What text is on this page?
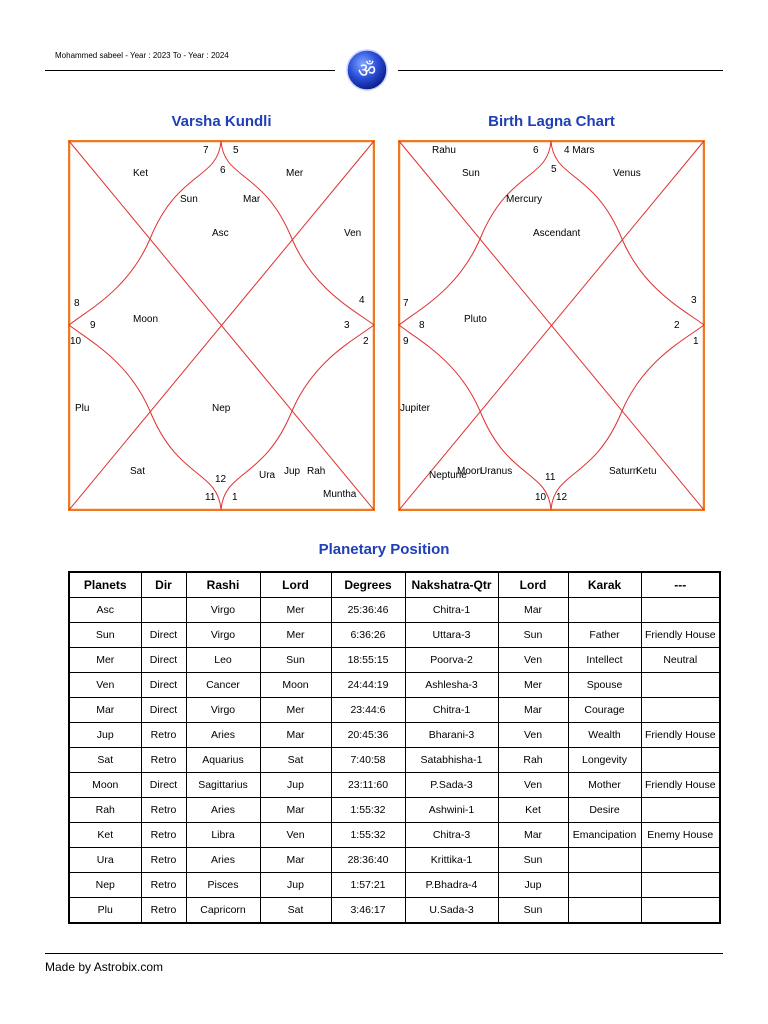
Mohammed sabeel - Year : 2023 To - Year : 2024
ॐ
Varsha Kundli	Birth Lagna Chart
7 5
6
Ket	Mer
Sun	Mar
Asc	Ven
8
9
Moon
10
4
3
2
Plu	Nep
Sat
12	Ura Jup Rah
11 1	Muntha
Rahu	6	4 Mars
5
Sun	Venus
Mercury
Ascendant
7
8
Pluto
9
3
2
1
Jupiter
Neptune
Moon
Uranus
11
10 12
Saturn
Ketu
Planetary Position
Planets	Dir	Rashi	Lord	Degrees	Nakshatra-Qtr	Lord	Karak	---
Asc		Virgo	Mer	25:36:46	Chitra-1	Mar		
Sun	Direct	Virgo	Mer	6:36:26	Uttara-3	Sun	Father	Friendly House
Mer	Direct	Leo	Sun	18:55:15	Poorva-2	Ven	Intellect	Neutral
Ven	Direct	Cancer	Moon	24:44:19	Ashlesha-3	Mer	Spouse	
Mar	Direct	Virgo	Mer	23:44:6	Chitra-1	Mar	Courage	
Jup	Retro	Aries	Mar	20:45:36	Bharani-3	Ven	Wealth	Friendly House
Sat	Retro	Aquarius	Sat	7:40:58	Satabhisha-1	Rah	Longevity	
Moon	Direct	Sagittarius	Jup	23:11:60	P.Sada-3	Ven	Mother	Friendly House
Rah	Retro	Aries	Mar	1:55:32	Ashwini-1	Ket	Desire	
Ket	Retro	Libra	Ven	1:55:32	Chitra-3	Mar	Emancipation	Enemy House
Ura	Retro	Aries	Mar	28:36:40	Krittika-1	Sun		
Nep	Retro	Pisces	Jup	1:57:21	P.Bhadra-4	Jup		
Plu	Retro	Capricorn	Sat	3:46:17	U.Sada-3	Sun		
Made by Astrobix.com
